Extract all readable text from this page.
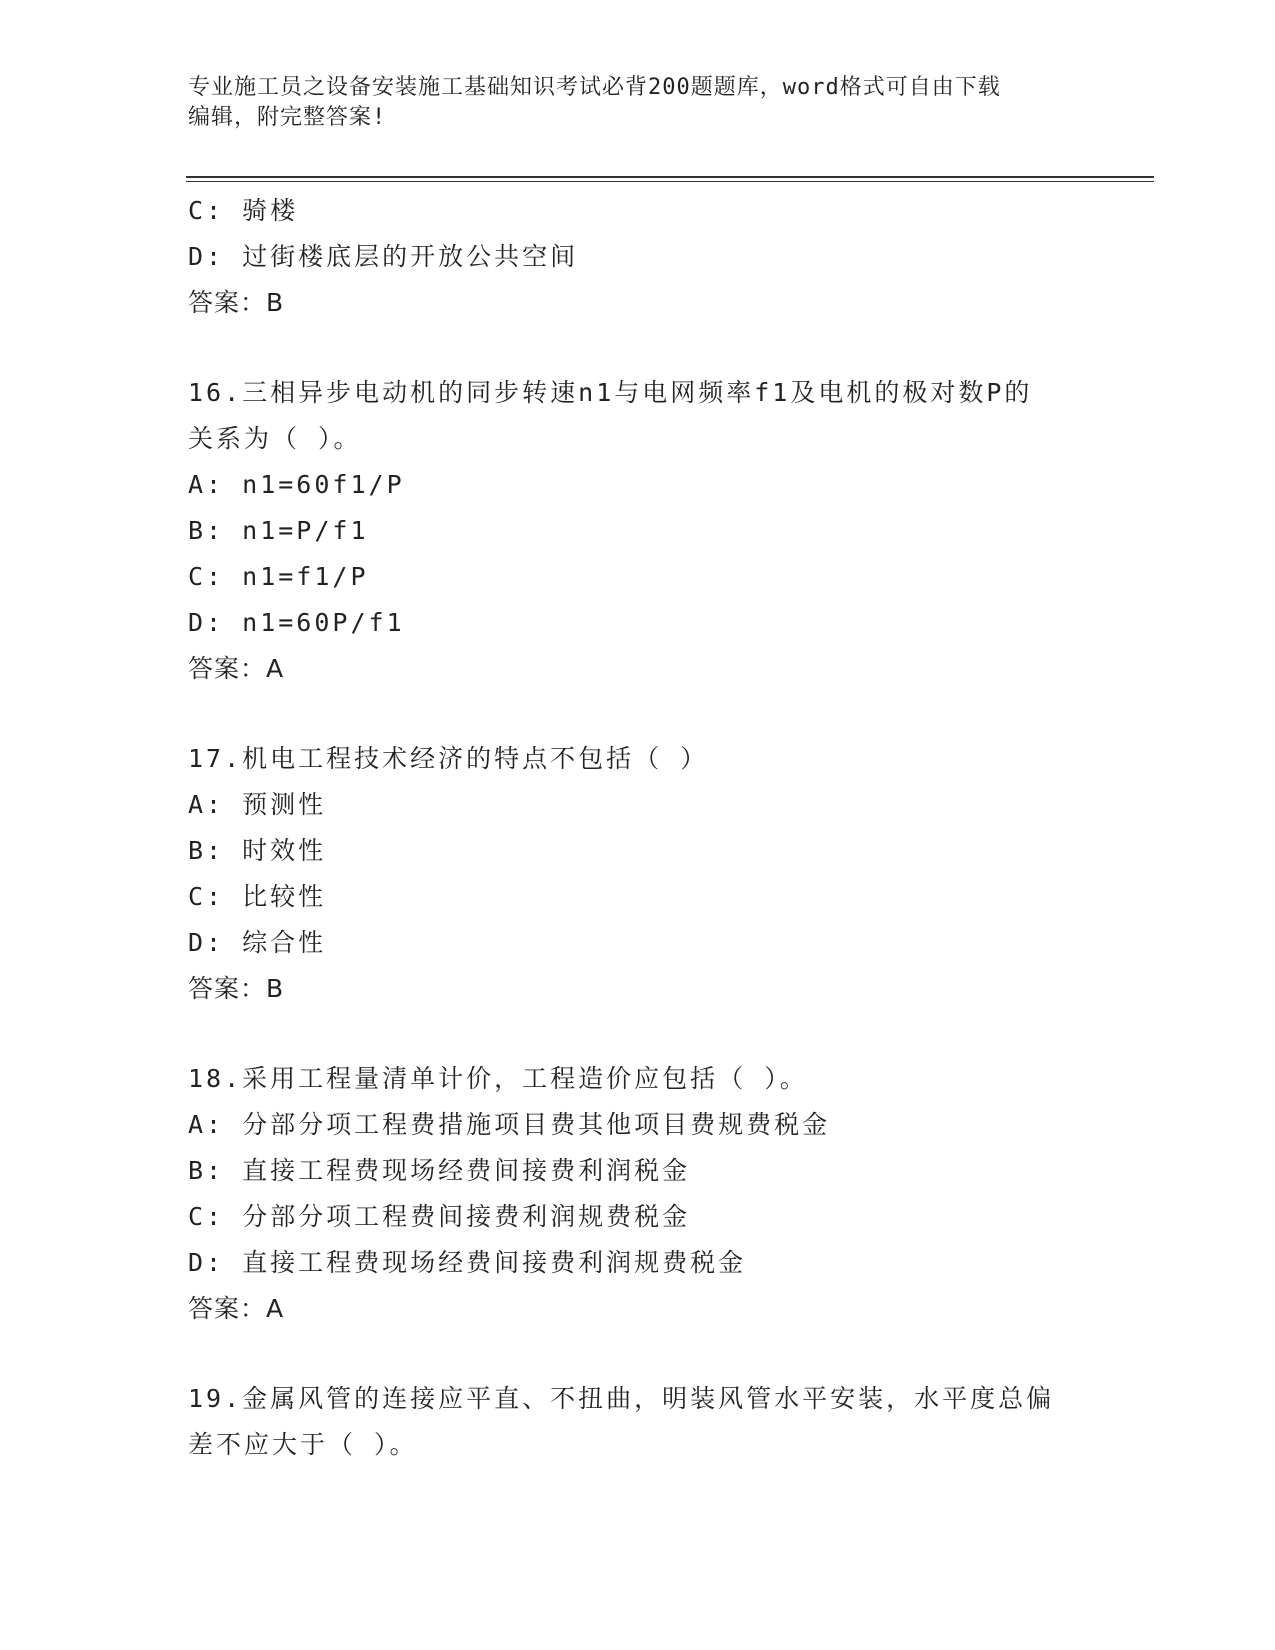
专业施工员之设备安装施工基础知识考试必背200题题库，word格式可自由下载
编辑，附完整答案!
C: 骑楼
D: 过街楼底层的开放公共空间
答案：B
16.三相异步电动机的同步转速n1与电网频率f1及电机的极对数P的
关系为（ ）。
A: n1=60f1/P
B: n1=P/f1
C: n1=f1/P
D: n1=60P/f1
答案：A
17.机电工程技术经济的特点不包括（ ）
A: 预测性
B: 时效性
C: 比较性
D: 综合性
答案：B
18.采用工程量清单计价，工程造价应包括（ ）。
A: 分部分项工程费措施项目费其他项目费规费税金
B: 直接工程费现场经费间接费利润税金
C: 分部分项工程费间接费利润规费税金
D: 直接工程费现场经费间接费利润规费税金
答案：A
19.金属风管的连接应平直、不扭曲，明装风管水平安装，水平度总偏
差不应大于（ ）。
